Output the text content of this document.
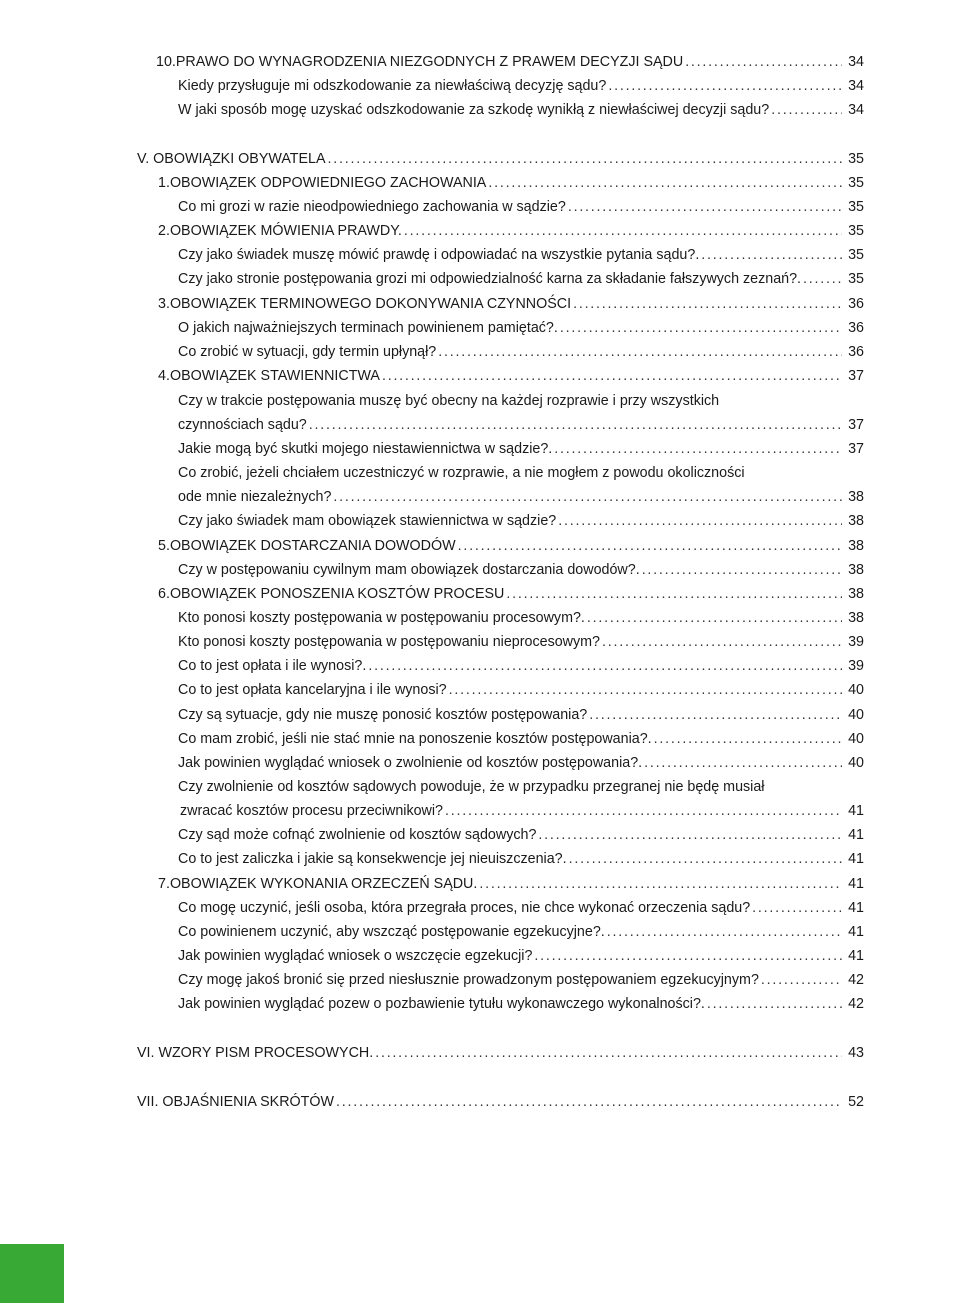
10. PRAWO DO WYNAGRODZENIA NIEZGODNYCH Z PRAWEM DECYZJI SĄDU . . .	34
Kiedy przysługuje mi odszkodowanie za niewłaściwą decyzję sądu? . . .	34
W jaki sposób mogę uzyskać odszkodowanie za szkodę wynikłą z niewłaściwej decyzji sądu? . . .	34
V. OBOWIĄZKI OBYWATELA . . .	35
1. OBOWIĄZEK ODPOWIEDNIEGO ZACHOWANIA . . .	35
Co mi grozi w razie nieodpowiedniego zachowania w sądzie? . . .	35
2. OBOWIĄZEK MÓWIENIA PRAWDY. . . .	35
Czy jako świadek muszę mówić prawdę i odpowiadać na wszystkie pytania sądu?. . . .	35
Czy jako stronie postępowania grozi mi odpowiedzialność karna za składanie fałszywych zeznań?. . . .	35
3. OBOWIĄZEK TERMINOWEGO DOKONYWANIA CZYNNOŚCI . . .	36
O jakich najważniejszych terminach powinienem pamiętać?. . . .	36
Co zrobić w sytuacji, gdy termin upłynął? . . .	36
4. OBOWIĄZEK STAWIENNICTWA . . .	37
Czy w trakcie postępowania muszę być obecny na każdej rozprawie i przy wszystkich
czynnościach sądu? . . .	37
Jakie mogą być skutki mojego niestawiennictwa w sądzie?. . . .	37
Co zrobić, jeżeli chciałem uczestniczyć w rozprawie, a nie mogłem z powodu okoliczności
ode mnie niezależnych? . . .	38
Czy jako świadek mam obowiązek stawiennictwa w sądzie? . . .	38
5. OBOWIĄZEK DOSTARCZANIA DOWODÓW . . .	38
Czy w postępowaniu cywilnym mam obowiązek dostarczania dowodów?. . . .	38
6. OBOWIĄZEK PONOSZENIA KOSZTÓW PROCESU . . .	38
Kto ponosi koszty postępowania w postępowaniu procesowym?. . . .	38
Kto ponosi koszty postępowania w postępowaniu nieprocesowym? . . .	39
Co to jest opłata i ile wynosi?. . . .	39
Co to jest opłata kancelaryjna i ile wynosi? . . .	40
Czy są sytuacje, gdy nie muszę ponosić kosztów postępowania? . . .	40
Co mam zrobić, jeśli nie stać mnie na ponoszenie kosztów postępowania?. . . .	40
Jak powinien wyglądać wniosek o zwolnienie od kosztów postępowania?. . . .	40
Czy zwolnienie od kosztów sądowych powoduje, że w przypadku przegranej nie będę musiał
zwracać kosztów procesu przeciwnikowi? . . .	41
Czy sąd może cofnąć zwolnienie od kosztów sądowych? . . .	41
Co to jest zaliczka i jakie są konsekwencje jej nieuiszczenia?. . . .	41
7. OBOWIĄZEK WYKONANIA ORZECZEŃ SĄDU. . . .	41
Co mogę uczynić, jeśli osoba, która przegrała proces, nie chce wykonać orzeczenia sądu? . . .	41
Co powinienem uczynić, aby wszcząć postępowanie egzekucyjne?. . . .	41
Jak powinien wyglądać wniosek o wszczęcie egzekucji? . . .	41
Czy mogę jakoś bronić się przed niesłusznie prowadzonym postępowaniem egzekucyjnym? . . .	42
Jak powinien wyglądać pozew o pozbawienie tytułu wykonawczego wykonalności?. . . .	42
VI. WZORY PISM PROCESOWYCH. . . .	43
VII. OBJAŚNIENIA SKRÓTÓW . . .	52
